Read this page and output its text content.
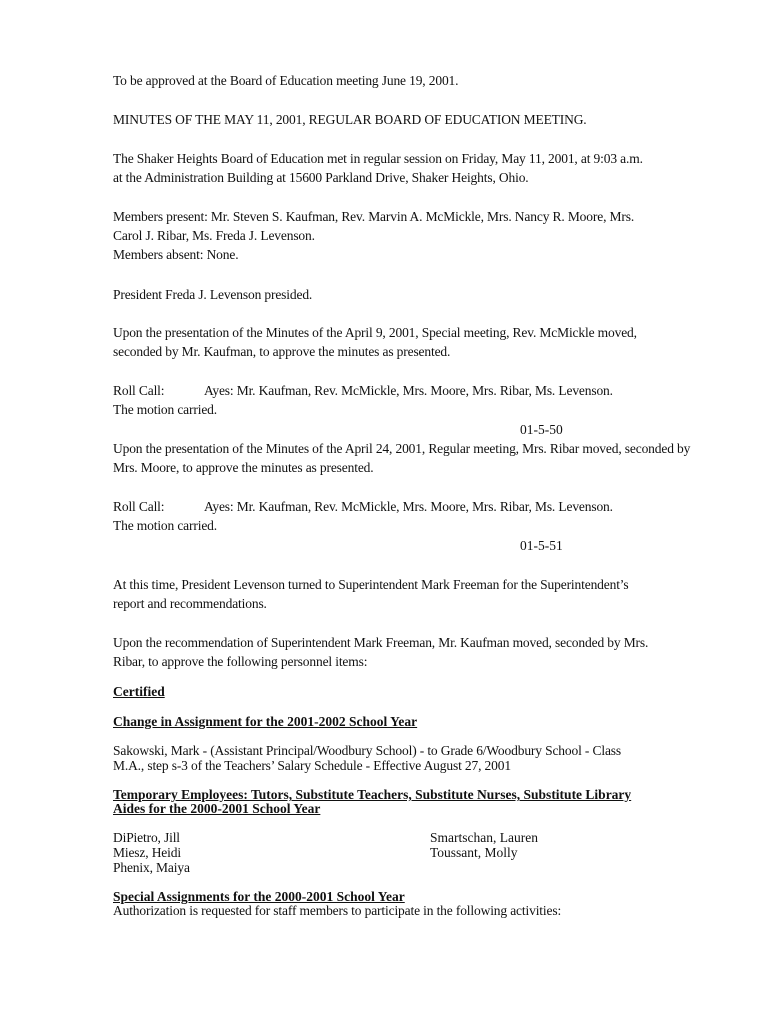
To be approved at the Board of Education meeting June 19, 2001.
MINUTES OF THE MAY 11, 2001, REGULAR BOARD OF EDUCATION MEETING.
The Shaker Heights Board of Education met in regular session on Friday, May 11, 2001, at 9:03 a.m.
at the Administration Building at 15600 Parkland Drive, Shaker Heights, Ohio.
Members present: Mr. Steven S. Kaufman, Rev. Marvin A. McMickle, Mrs. Nancy R. Moore, Mrs.
Carol J. Ribar, Ms. Freda J. Levenson.
Members absent: None.
President Freda J. Levenson presided.
Upon the presentation of the Minutes of the April 9, 2001, Special meeting, Rev. McMickle moved,
seconded by Mr. Kaufman, to approve the minutes as presented.
Roll Call:	Ayes: Mr. Kaufman, Rev. McMickle, Mrs. Moore, Mrs. Ribar, Ms. Levenson.
The motion carried.
01-5-50
Upon the presentation of the Minutes of the April 24, 2001, Regular meeting, Mrs. Ribar moved, seconded by
Mrs. Moore, to approve the minutes as presented.
Roll Call:	Ayes: Mr. Kaufman, Rev. McMickle, Mrs. Moore, Mrs. Ribar, Ms. Levenson.
The motion carried.
01-5-51
At this time, President Levenson turned to Superintendent Mark Freeman for the Superintendent’s
report and recommendations.
Upon the recommendation of Superintendent Mark Freeman, Mr. Kaufman moved, seconded by Mrs.
Ribar, to approve the following personnel items:
Certified
Change in Assignment for the 2001-2002 School Year
Sakowski, Mark - (Assistant Principal/Woodbury School) - to Grade 6/Woodbury School - Class
M.A., step s-3 of the Teachers’ Salary Schedule - Effective August 27, 2001
Temporary Employees: Tutors, Substitute Teachers, Substitute Nurses, Substitute Library
Aides for the 2000-2001 School Year
DiPietro, Jill
Miesz, Heidi
Phenix, Maiya
Smartschan, Lauren
Toussant, Molly
Special Assignments for the 2000-2001 School Year
Authorization is requested for staff members to participate in the following activities:
